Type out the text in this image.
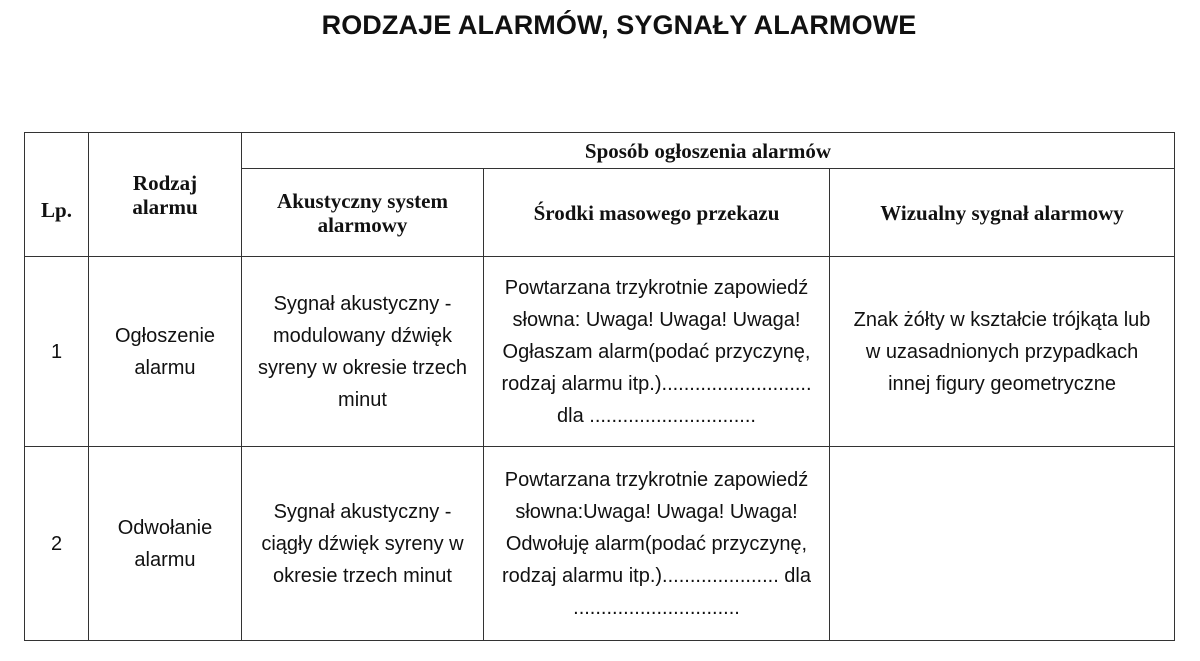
RODZAJE ALARMÓW, SYGNAŁY ALARMOWE
Lp.	Rodzaj alarmu	Sposób ogłoszenia alarmów		

		Akustyczny system alarmowy	Środki masowego przekazu	Wizualny sygnał alarmowy

1	Ogłoszenie alarmu	Sygnał akustyczny - modulowany dźwięk syreny w okresie trzech minut	Powtarzana trzykrotnie zapowiedź słowna: Uwaga! Uwaga! Uwaga! Ogłaszam alarm(podać przyczynę, rodzaj alarmu itp.)........................... dla ..............................	Znak żółty w kształcie trójkąta lub w uzasadnionych przypadkach innej figury geometryczne

2	Odwołanie alarmu	Sygnał akustyczny - ciągły dźwięk syreny w okresie trzech minut	Powtarzana trzykrotnie zapowiedź słowna:Uwaga! Uwaga! Uwaga! Odwołuję alarm(podać przyczynę, rodzaj alarmu itp.)..................... dla ..............................	
